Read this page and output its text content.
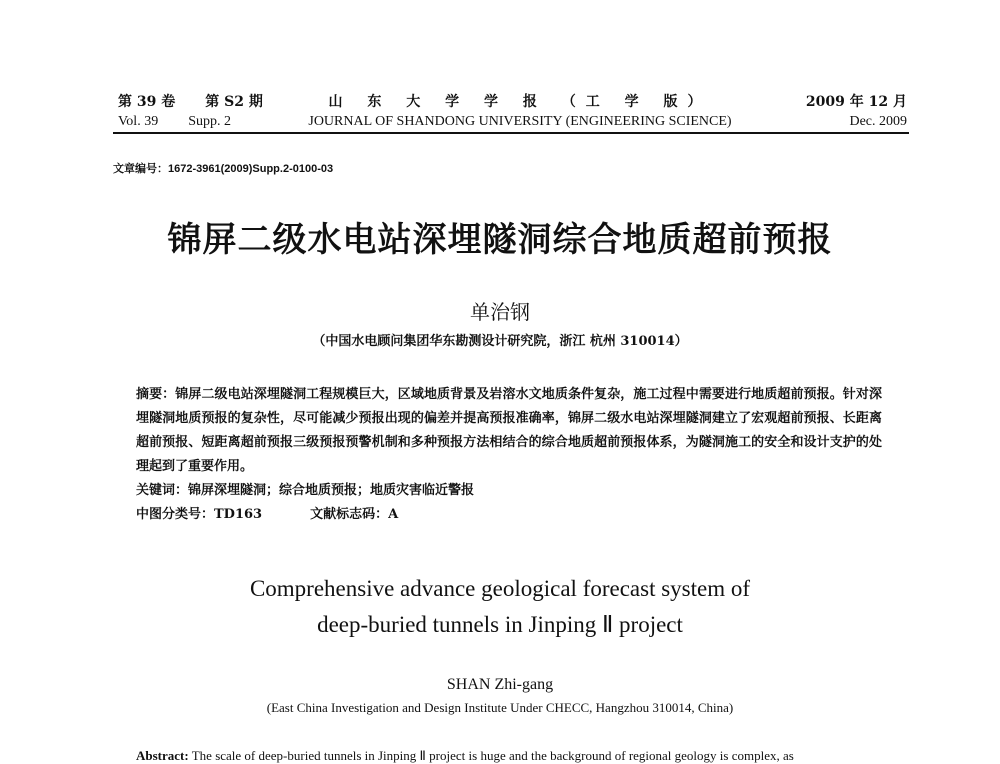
第 39 卷 第 S2 期
Vol. 39 Supp. 2
山 东 大 学 学 报 （工 学 版）
JOURNAL OF SHANDONG UNIVERSITY (ENGINEERING SCIENCE)
2009 年 12 月
Dec. 2009
文章编号：1672-3961(2009)Supp.2-0100-03
锦屏二级水电站深埋隧洞综合地质超前预报
单治钢
（中国水电顾问集团华东勘测设计研究院，浙江 杭州 310014）
摘要：锦屏二级电站深埋隧洞工程规模巨大，区域地质背景及岩溶水文地质条件复杂，施工过程中需要进行地质超前预报。针对深埋隧洞地质预报的复杂性，尽可能减少预报出现的偏差并提高预报准确率，锦屏二级水电站深埋隧洞建立了宏观超前预报、长距离超前预报、短距离超前预报三级预报预警机制和多种预报方法相结合的综合地质超前预报体系，为隧洞施工的安全和设计支护的处理起到了重要作用。
关键词：锦屏深埋隧洞；综合地质预报；地质灾害临近警报
中图分类号：TD163	文献标志码：A
Comprehensive advance geological forecast system of
deep-buried tunnels in Jinping Ⅱ project
SHAN Zhi-gang
(East China Investigation and Design Institute Under CHECC, Hangzhou 310014, China)
Abstract: The scale of deep-buried tunnels in Jinping Ⅱ project is huge and the background of regional geology is complex, as
